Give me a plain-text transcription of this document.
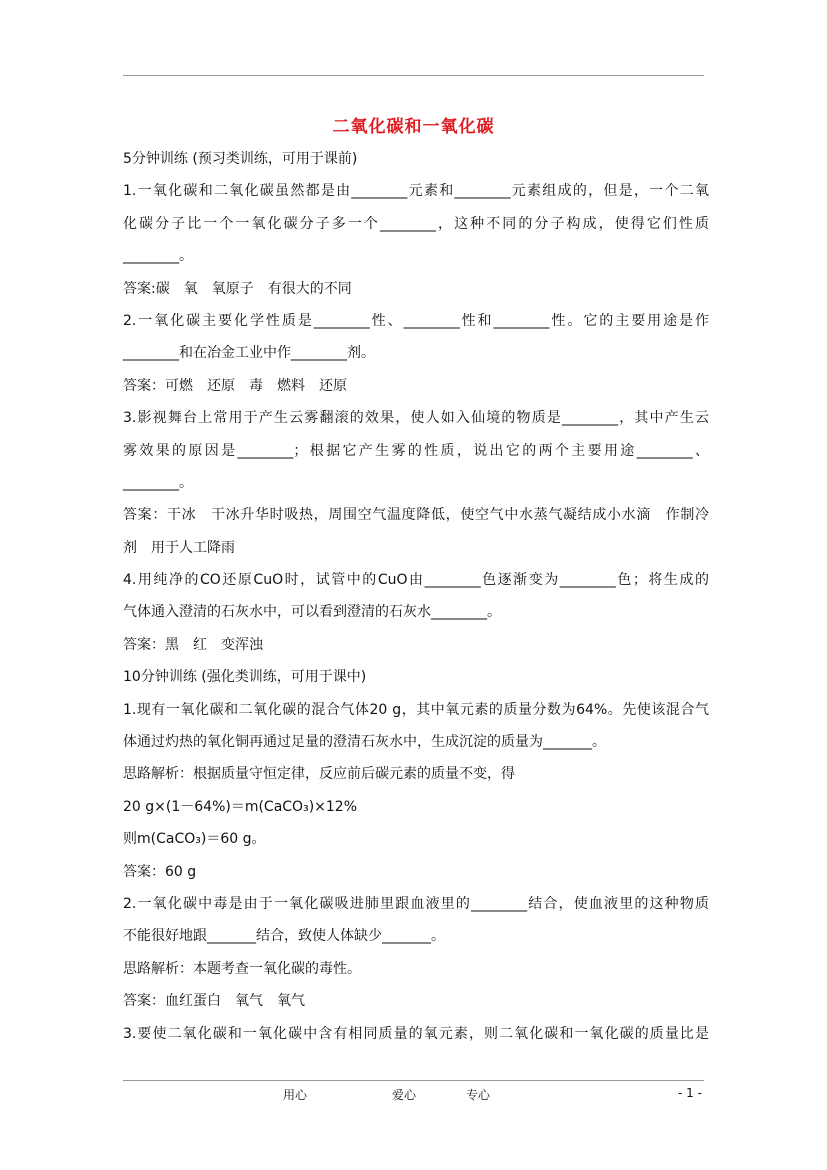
二氧化碳和一氧化碳
5分钟训练 (预习类训练，可用于课前)
1.一氧化碳和二氧化碳虽然都是由________元素和________元素组成的，但是，一个二氧
化碳分子比一个一氧化碳分子多一个________，这种不同的分子构成，使得它们性质
________。
答案:碳　氧　氧原子　有很大的不同
2.一氧化碳主要化学性质是________性、________性和________性。它的主要用途是作
________和在冶金工业中作________剂。
答案：可燃　还原　毒　燃料　还原
3.影视舞台上常用于产生云雾翻滚的效果，使人如入仙境的物质是________，其中产生云
雾效果的原因是________；根据它产生雾的性质，说出它的两个主要用途________、
________。
答案：干冰　干冰升华时吸热，周围空气温度降低，使空气中水蒸气凝结成小水滴　作制冷
剂　用于人工降雨
4.用纯净的CO还原CuO时，试管中的CuO由________色逐渐变为________色；将生成的
气体通入澄清的石灰水中，可以看到澄清的石灰水________。
答案：黑　红　变浑浊
10分钟训练 (强化类训练，可用于课中)
1.现有一氧化碳和二氧化碳的混合气体20 g，其中氧元素的质量分数为64%。先使该混合气
体通过灼热的氧化铜再通过足量的澄清石灰水中，生成沉淀的质量为_______。
思路解析：根据质量守恒定律，反应前后碳元素的质量不变，得
20 g×(1－64%)＝m(CaCO₃)×12%
则m(CaCO₃)＝60 g。
答案：60 g
2.一氧化碳中毒是由于一氧化碳吸进肺里跟血液里的________结合，使血液里的这种物质
不能很好地跟_______结合，致使人体缺少_______。
思路解析：本题考查一氧化碳的毒性。
答案：血红蛋白　氧气　氧气
3.要使二氧化碳和一氧化碳中含有相同质量的氧元素，则二氧化碳和一氧化碳的质量比是
用心	爱心	专心	- 1 -
